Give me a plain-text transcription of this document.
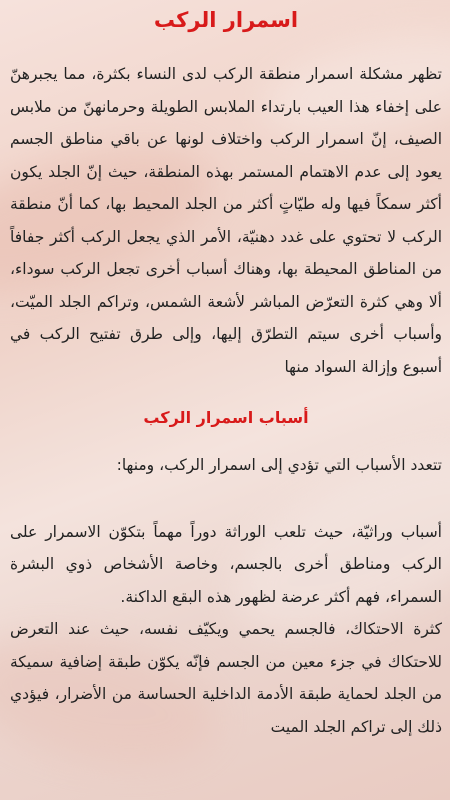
اسمرار الركب

تظهر مشكلة اسمرار منطقة الركب لدى النساء بكثرة، مما يجبرهنّ على إخفاء هذا العيب بارتداء الملابس الطويلة وحرمانهنّ من ملابس الصيف، إنّ اسمرار الركب واختلاف لونها عن باقي مناطق الجسم يعود إلى عدم الاهتمام المستمر بهذه المنطقة، حيث إنّ الجلد يكون أكثر سمكاً فيها وله طيّاتٍ أكثر من الجلد المحيط بها، كما أنّ منطقة الركب لا تحتوي على غدد دهنيّة، الأمر الذي يجعل الركب أكثر جفافاً من المناطق المحيطة بها، وهناك أسباب أخرى تجعل الركب سوداء، ألا وهي كثرة التعرّض المباشر لأشعة الشمس، وتراكم الجلد الميّت، وأسباب أخرى سيتم التطرّق إليها، وإلى طرق تفتيح الركب في أسبوع وإزالة السواد منها

أسباب اسمرار الركب

تتعدد الأسباب التي تؤدي إلى اسمرار الركب، ومنها:

أسباب وراثيّة، حيث تلعب الوراثة دوراً مهماً بتكوّن الاسمرار على الركب ومناطق أخرى بالجسم، وخاصة الأشخاص ذوي البشرة السمراء، فهم أكثر عرضة لظهور هذه البقع الداكنة.

كثرة الاحتكاك، فالجسم يحمي ويكيّف نفسه، حيث عند التعرض للاحتكاك في جزء معين من الجسم فإنّه يكوّن طبقة إضافية سميكة من الجلد لحماية طبقة الأدمة الداخلية الحساسة من الأضرار، فيؤدي ذلك إلى تراكم الجلد الميت
